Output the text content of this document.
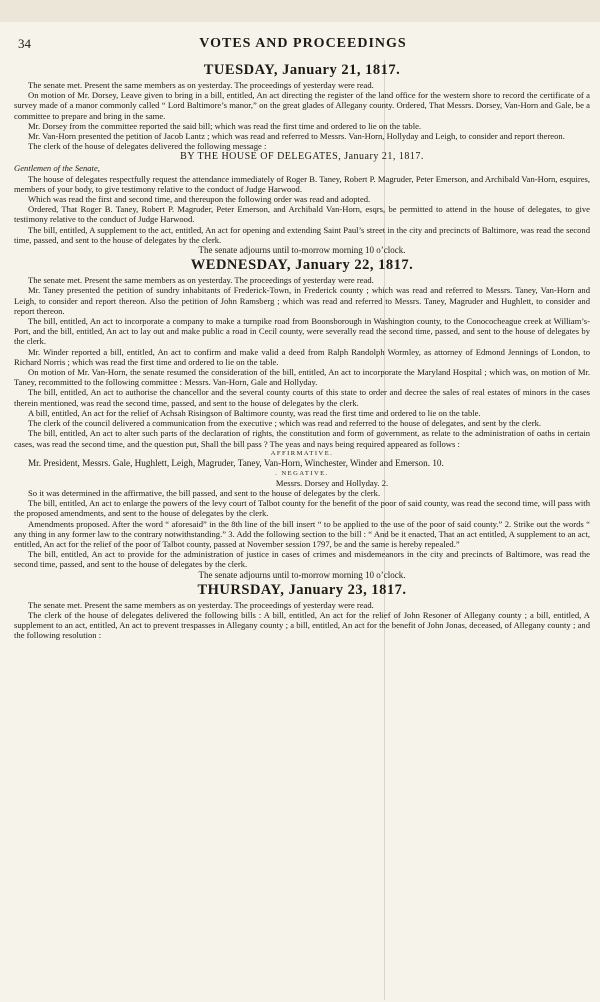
34	VOTES AND PROCEEDINGS
TUESDAY, January 21, 1817.

The senate met. Present the same members as on yesterday. The proceedings of yesterday were read.

On motion of Mr. Dorsey, Leave given to bring in a bill, entitled, An act directing the register of the land office for the western shore to record the certificate of a survey made of a manor commonly called “ Lord Baltimore’s manor,” on the great glades of Allegany county. Ordered, That Messrs. Dorsey, Van-Horn and Gale, be a committee to prepare and bring in the same.

Mr. Dorsey from the committee reported the said bill; which was read the first time and ordered to lie on the table.

Mr. Van-Horn presented the petition of Jacob Lantz ; which was read and referred to Messrs. Van-Horn, Hollyday and Leigh, to consider and report thereon.

The clerk of the house of delegates delivered the following message :

BY THE HOUSE OF DELEGATES, January 21, 1817.

Gentlemen of the Senate,

The house of delegates respectfully request the attendance immediately of Roger B. Taney, Robert P. Magruder, Peter Emerson, and Archibald Van-Horn, esquires, members of your body, to give testimony relative to the conduct of Judge Harwood.

Which was read the first and second time, and thereupon the following order was read and adopted.

Ordered, That Roger B. Taney, Robert P. Magruder, Peter Emerson, and Archibald Van-Horn, esqrs, be permitted to attend in the house of delegates, to give testimony relative to the conduct of Judge Harwood.

The bill, entitled, A supplement to the act, entitled, An act for opening and extending Saint Paul’s street in the city and precincts of Baltimore, was read the second time, passed, and sent to the house of delegates by the clerk.

The senate adjourns until to-morrow morning 10 o’clock.

WEDNESDAY, January 22, 1817.

The senate met. Present the same members as on yesterday. The proceedings of yesterday were read.

Mr. Taney presented the petition of sundry inhabitants of Frederick-Town, in Frederick county ; which was read and referred to Messrs. Taney, Van-Horn and Leigh, to consider and report thereon. Also the petition of John Ramsberg ; which was read and referred to Messrs. Taney, Magruder and Hughlett, to consider and report thereon.

The bill, entitled, An act to incorporate a company to make a turnpike road from Boonsborough in Washington county, to the Conococheague creek at William’s-Port, and the bill, entitled, An act to lay out and make public a road in Cecil county, were severally read the second time, passed, and sent to the house of delegates by the clerk.

Mr. Winder reported a bill, entitled, An act to confirm and make valid a deed from Ralph Randolph Wormley, as attorney of Edmond Jennings of London, to Richard Norris ; which was read the first time and ordered to lie on the table.

On motion of Mr. Van-Horn, the senate resumed the consideration of the bill, entitled, An act to incorporate the Maryland Hospital ; which was, on motion of Mr. Taney, recommitted to the following committee : Messrs. Van-Horn, Gale and Hollyday.

The bill, entitled, An act to authorise the chancellor and the several county courts of this state to order and decree the sales of real estates of minors in the cases therein mentioned, was read the second time, passed, and sent to the house of delegates by the clerk.

A bill, entitled, An act for the relief of Achsah Risingson of Baltimore county, was read the first time and ordered to lie on the table.

The clerk of the council delivered a communication from the executive ; which was read and referred to the house of delegates, and sent by the clerk.

The bill, entitled, An act to alter such parts of the declaration of rights, the constitution and form of government, as relate to the administration of oaths in certain cases, was read the second time, and the question put, Shall the bill pass ? The yeas and nays being required appeared as follows :

AFFIRMATIVE.

Mr. President, Messrs. Gale, Hughlett, Leigh, Magruder, Taney, Van-Horn, Winchester, Winder and Emerson. 10.

. NEGATIVE.

Messrs. Dorsey and Hollyday. 2.

So it was determined in the affirmative, the bill passed, and sent to the house of delegates by the clerk.

The bill, entitled, An act to enlarge the powers of the levy court of Talbot county for the benefit of the poor of said county, was read the second time, will pass with the proposed amendments, and sent to the house of delegates by the clerk.

Amendments proposed. After the word “ aforesaid” in the 8th line of the bill insert “ to be applied to the use of the poor of said county.” 2. Strike out the words “ any thing in any former law to the contrary notwithstanding.” 3. Add the following section to the bill : “ And be it enacted, That an act entitled, A supplement to an act, entitled, An act for the relief of the poor of Talbot county, passed at November session 1797, be and the same is hereby repealed.”

The bill, entitled, An act to provide for the administration of justice in cases of crimes and misdemeanors in the city and precincts of Baltimore, was read the second time, passed, and sent to the house of delegates by the clerk.

The senate adjourns until to-morrow morning 10 o’clock.

THURSDAY, January 23, 1817.

The senate met. Present the same members as on yesterday. The proceedings of yesterday were read.

The clerk of the house of delegates delivered the following bills : A bill, entitled, An act for the relief of John Resoner of Allegany county ; a bill, entitled, A supplement to an act, entitled, An act to prevent trespasses in Allegany county ; a bill, entitled, An act for the benefit of John Jonas, deceased, of Allegany county ; and the following resolution :
